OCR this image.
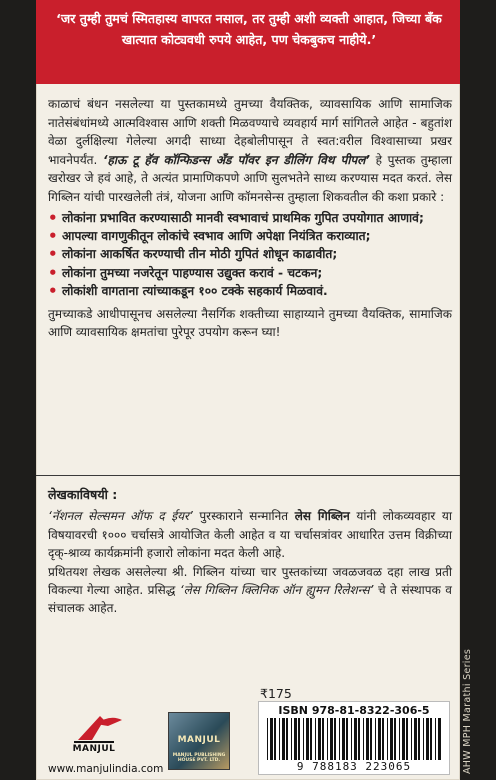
‘जर तुम्ही तुमचं स्मितहास्य वापरत नसाल, तर तुम्ही अशी व्यक्ती आहात, जिच्या बँक खात्यात कोट्यवधी रुपये आहेत, पण चेकबुकच नाहीये.’

काळाचं बंधन नसलेल्या या पुस्तकामध्ये तुमच्या वैयक्तिक, व्यावसायिक आणि सामाजिक नातेसंबंधांमध्ये आत्मविश्वास आणि शक्ती मिळवण्याचे व्यवहार्य मार्ग सांगितले आहेत - बहुतांश वेळा दुर्लक्षिल्या गेलेल्या अगदी साध्या देहबोलीपासून ते स्वत:वरील विश्वासाच्या प्रखर भावनेपर्यंत. ‘हाऊ टू हॅव कॉन्फिडन्स अँड पॉवर इन डीलिंग विथ पीपल’ हे पुस्तक तुम्हाला खरोखर जे हवं आहे, ते अत्यंत प्रामाणिकपणे आणि सुलभतेने साध्य करण्यास मदत करतं. लेस गिब्लिन यांची पारखलेली तंत्रं, योजना आणि कॉमनसेन्स तुम्हाला शिकवतील की कशा प्रकारे :

• लोकांना प्रभावित करण्यासाठी मानवी स्वभावाचं प्राथमिक गुपित उपयोगात आणावं;
• आपल्या वागणुकीतून लोकांचे स्वभाव आणि अपेक्षा नियंत्रित कराव्यात;
• लोकांना आकर्षित करण्याची तीन मोठी गुपितं शोधून काढावीत;
• लोकांना तुमच्या नजरेतून पाहण्यास उद्युक्त करावं - चटकन;
• लोकांशी वागताना त्यांच्याकडून १०० टक्के सहकार्य मिळवावं.

तुमच्याकडे आधीपासूनच असलेल्या नैसर्गिक शक्तीच्या साहाय्याने तुमच्या वैयक्तिक, सामाजिक आणि व्यावसायिक क्षमतांचा पुरेपूर उपयोग करून घ्या!

लेखकाविषयी :

‘नॅशनल सेल्समन ऑफ द ईयर’ पुरस्काराने सन्मानित लेस गिब्लिन यांनी लोकव्यवहार या विषयावरची १००० चर्चासत्रे आयोजित केली आहेत व या चर्चासत्रांवर आधारित उत्तम विक्रीच्या दृक्-श्राव्य कार्यक्रमांनी हजारो लोकांना मदत केली आहे.

प्रथितयश लेखक असलेल्या श्री. गिब्लिन यांच्या चार पुस्तकांच्या जवळजवळ दहा लाख प्रती विकल्या गेल्या आहेत. प्रसिद्ध ‘लेस गिब्लिन क्लिनिक ऑन ह्युमन रिलेशन्स’ चे ते संस्थापक व संचालक आहेत.

MANJUL
www.manjulindia.com
MANJUL
MANJUL PUBLISHING HOUSE PVT. LTD.
₹175
ISBN 978-81-8322-306-5
9 788183 223065	AHW MPH Marathi Series
